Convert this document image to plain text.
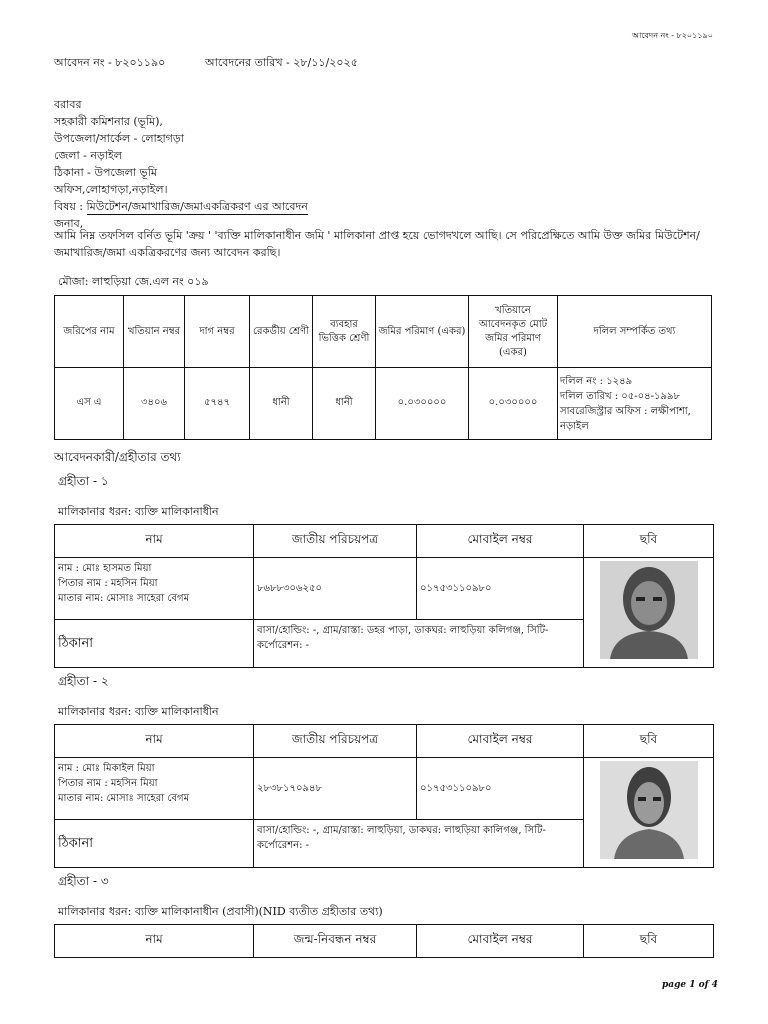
আবেদন নং - ৮২০১১৯০
আবেদন নং - ৮২০১১৯০	আবেদনের তারিখ - ২৮/১১/২০২৫
বরাবর
সহকারী কমিশনার (ভূমি),
উপজেলা/সার্কেল - লোহাগড়া
জেলা - নড়াইল
ঠিকানা - উপজেলা ভূমি
অফিস,লোহাগড়া,নড়াইল।
বিষয় : মিউটেশন/জমাখারিজ/জমাএকত্রিকরণ এর আবেদন
জনাব,
আমি নিম্ন তফসিল বর্নিত ভূমি 'ক্রয় ' 'ব্যক্তি মালিকানাধীন জমি ' মালিকানা প্রাপ্ত হয়ে ভোগদখলে আছি। সে পরিপ্রেক্ষিতে আমি উক্ত জমির মিউটেশন/জমাখারিজ/জমা একত্রিকরণের জন্য আবেদন করছি।
মৌজা: লাহুড়িয়া জে.এল নং ০১৯
জরিপের নাম	খতিয়ান নম্বর	দাগ নম্বর	রেকর্ডীয় শ্রেণী	ব্যবহার ভিত্তিক শ্রেণী	জমির পরিমাণ (একর)	খতিয়ানে আবেদনকৃত মোট জমির পরিমাণ (একর)	দলিল সম্পর্কিত তথ্য
এস এ	৩৪০৬	৫৭৪৭	ধানী	ধানী	০.০৩০০০০	০.০৩০০০০	দলিল নং : ১২৪৯
দলিল তারিখ : ০৫-০৪-১৯৯৮
সাবরেজিস্ট্রার অফিস : লক্ষীপাশা, নড়াইল
আবেদনকারী/গ্রহীতার তথ্য
গ্রহীতা - ১
মালিকানার ধরন: ব্যক্তি মালিকানাধীন
নাম	জাতীয় পরিচয়পত্র	মোবাইল নম্বর	ছবি

নাম : মোঃ হাসমত মিয়া
পিতার নাম : মহসিন মিয়া
মাতার নাম: মোসাঃ সাহেরা বেগম	৮৬৮৮৩০৬২৫০	০১৭৫৩১১০৯৮০	
ঠিকানা	বাসা/হোল্ডিং: -, গ্রাম/রাস্তা: ডহর পাড়া, ডাকঘর: লাহুড়িয়া কলিগঞ্জ, সিটি-কর্পোরেশন: -		
গ্রহীতা - ২
মালিকানার ধরন: ব্যক্তি মালিকানাধীন
নাম	জাতীয় পরিচয়পত্র	মোবাইল নম্বর	ছবি

নাম : মোঃ মিকাইল মিয়া
পিতার নাম : মহসিন মিয়া
মাতার নাম: মোসাঃ সাহেরা বেগম	২৮৩৮১৭০৯৪৮	০১৭৫৩১১০৯৮০	
ঠিকানা	বাসা/হোল্ডিং: -, গ্রাম/রাস্তা: লাহুড়িয়া, ডাকঘর: লাহুড়িয়া কালিগঞ্জ, সিটি-কর্পোরেশন: -		
গ্রহীতা - ৩
মালিকানার ধরন: ব্যক্তি মালিকানাধীন (প্রবাসী)(NID ব্যতীত গ্রহীতার তথ্য)
নাম	জন্ম-নিবন্ধন নম্বর	মোবাইল নম্বর	ছবি
page 1 of 4
